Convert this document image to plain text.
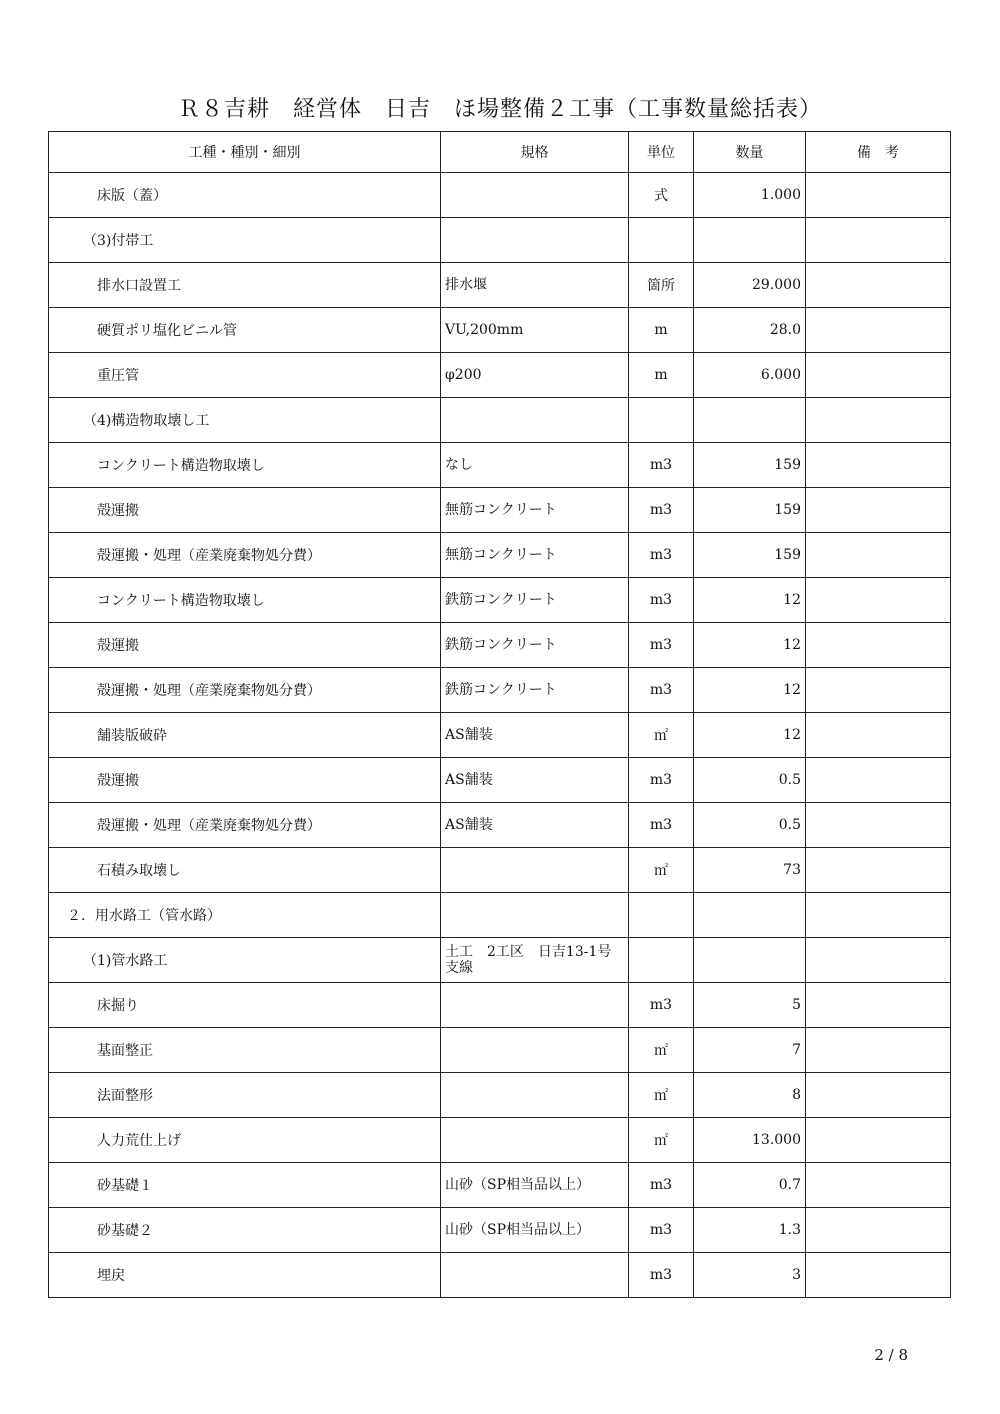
Ｒ８吉耕　経営体　日吉　ほ場整備２工事（工事数量総括表）
工種・種別・細別	規格	単位	数量	備　考
床版（蓋）		式	1.000	
（3)付帯工				
排水口設置工	排水堰	箇所	29.000	
硬質ポリ塩化ビニル管	VU,200mm	m	28.0	
重圧管	φ200	m	6.000	
（4)構造物取壊し工				
コンクリート構造物取壊し	なし	m3	159	
殻運搬	無筋コンクリート	m3	159	
殻運搬・処理（産業廃棄物処分費）	無筋コンクリート	m3	159	
コンクリート構造物取壊し	鉄筋コンクリート	m3	12	
殻運搬	鉄筋コンクリート	m3	12	
殻運搬・処理（産業廃棄物処分費）	鉄筋コンクリート	m3	12	
舗装版破砕	AS舗装	㎡	12	
殻運搬	AS舗装	m3	0.5	
殻運搬・処理（産業廃棄物処分費）	AS舗装	m3	0.5	
石積み取壊し		㎡	73	
２．用水路工（管水路）				
（1)管水路工	土工　2工区　日吉13-1号支線			
床掘り		m3	5	
基面整正		㎡	7	
法面整形		㎡	8	
人力荒仕上げ		㎡	13.000	
砂基礎１	山砂（SP相当品以上）	m3	0.7	
砂基礎２	山砂（SP相当品以上）	m3	1.3	
埋戻		m3	3	
2 / 8
